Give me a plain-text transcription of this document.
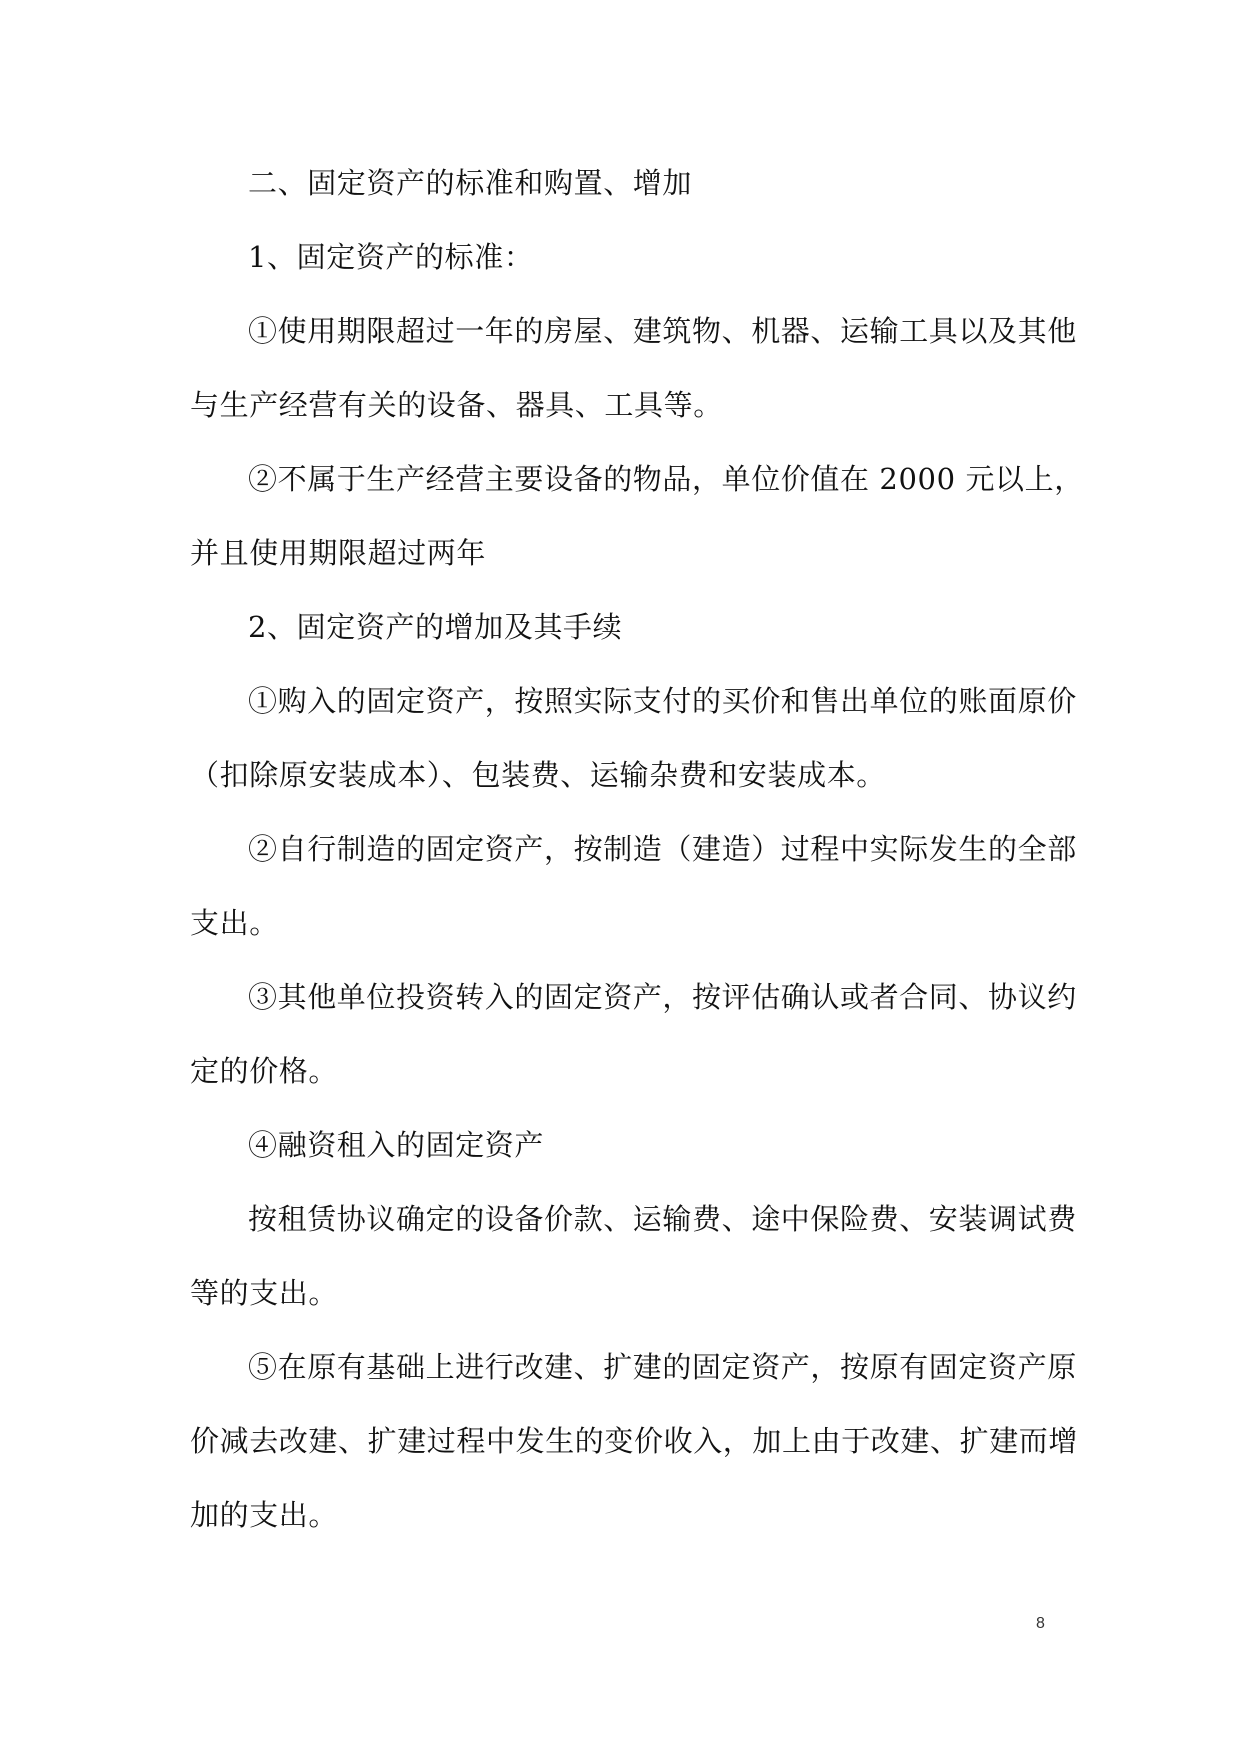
二、固定资产的标准和购置、增加
1、固定资产的标准：
①使用期限超过一年的房屋、建筑物、机器、运输工具以及其他
与生产经营有关的设备、器具、工具等。
②不属于生产经营主要设备的物品，单位价值在 2000 元以上，
并且使用期限超过两年
2、固定资产的增加及其手续
①购入的固定资产，按照实际支付的买价和售出单位的账面原价
（扣除原安装成本）、包装费、运输杂费和安装成本。
②自行制造的固定资产，按制造（建造）过程中实际发生的全部
支出。
③其他单位投资转入的固定资产，按评估确认或者合同、协议约
定的价格。
④融资租入的固定资产
按租赁协议确定的设备价款、运输费、途中保险费、安装调试费
等的支出。
⑤在原有基础上进行改建、扩建的固定资产，按原有固定资产原
价减去改建、扩建过程中发生的变价收入，加上由于改建、扩建而增
加的支出。
8
